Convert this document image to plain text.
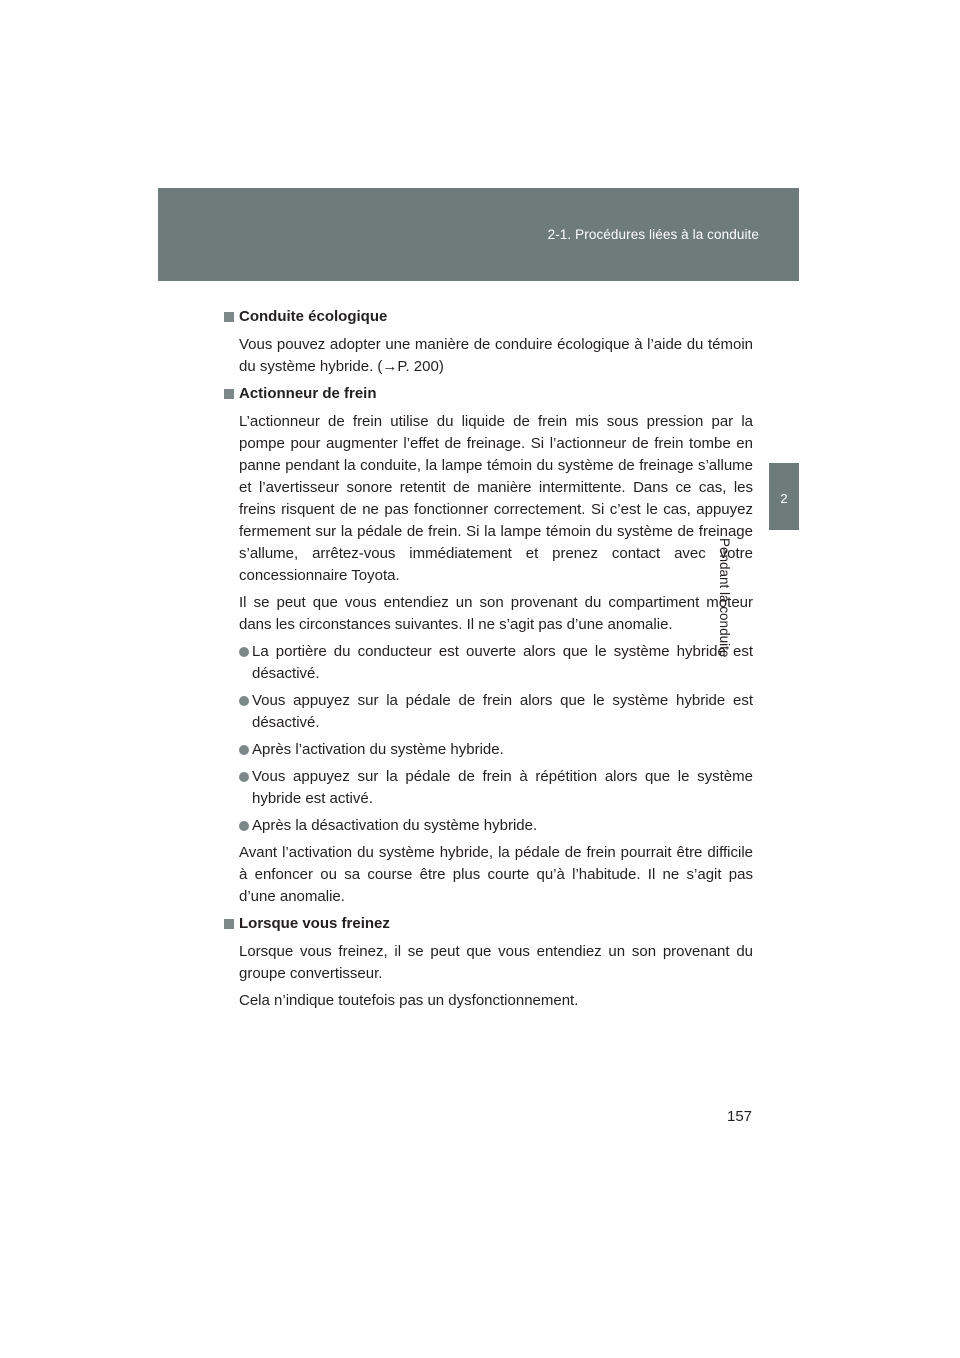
2-1. Procédures liées à la conduite
2
Pendant la conduite
Conduite écologique

Vous pouvez adopter une manière de conduire écologique à l’aide du témoin du système hybride. (→P. 200)

Actionneur de frein

L’actionneur de frein utilise du liquide de frein mis sous pression par la pompe pour augmenter l’effet de freinage. Si l’actionneur de frein tombe en panne pendant la conduite, la lampe témoin du système de freinage s’allume et l’avertisseur sonore retentit de manière intermittente. Dans ce cas, les freins risquent de ne pas fonctionner correctement. Si c’est le cas, appuyez fermement sur la pédale de frein. Si la lampe témoin du système de freinage s’allume, arrêtez-vous immédiatement et prenez contact avec votre concessionnaire Toyota.

Il se peut que vous entendiez un son provenant du compartiment moteur dans les circonstances suivantes. Il ne s’agit pas d’une anomalie.

La portière du conducteur est ouverte alors que le système hybride est désactivé.
Vous appuyez sur la pédale de frein alors que le système hybride est désactivé.
Après l’activation du système hybride.
Vous appuyez sur la pédale de frein à répétition alors que le système hybride est activé.
Après la désactivation du système hybride.

Avant l’activation du système hybride, la pédale de frein pourrait être difficile à enfoncer ou sa course être plus courte qu’à l’habitude. Il ne s’agit pas d’une anomalie.

Lorsque vous freinez

Lorsque vous freinez, il se peut que vous entendiez un son provenant du groupe convertisseur.

Cela n’indique toutefois pas un dysfonctionnement.

157
